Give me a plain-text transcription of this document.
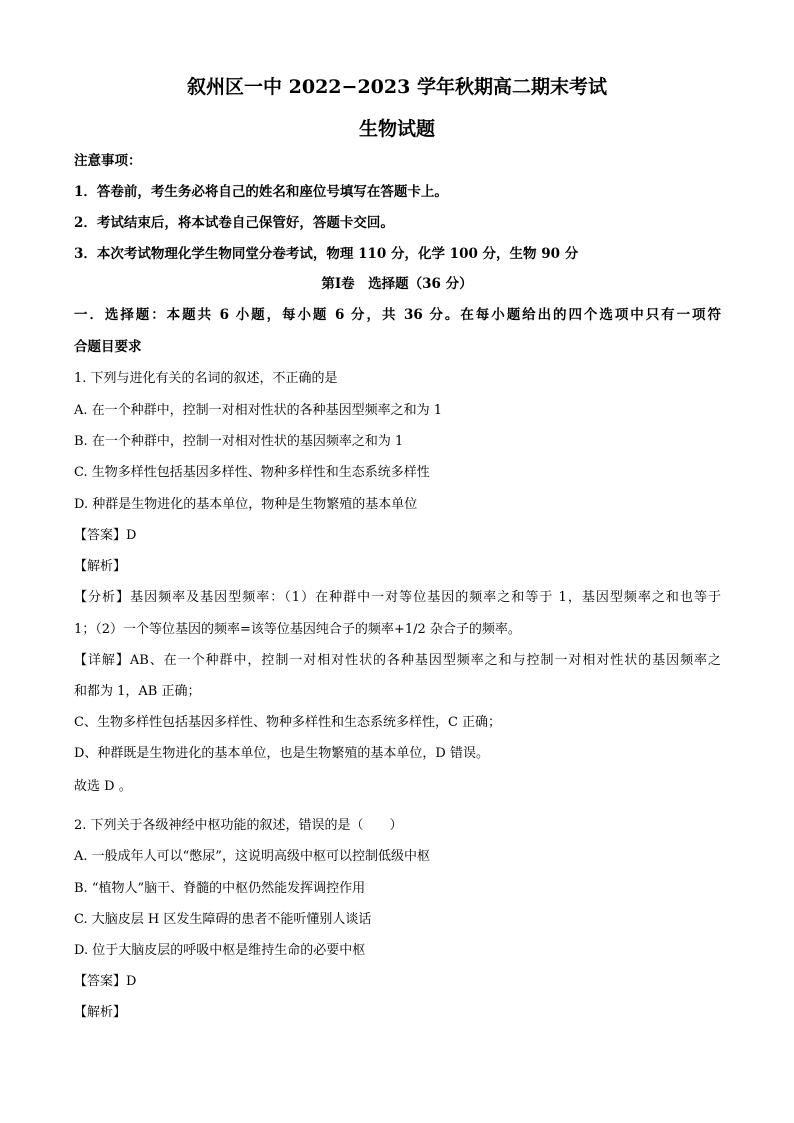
叙州区一中 2022−2023 学年秋期高二期末考试
生物试题
注意事项：
1．答卷前，考生务必将自己的姓名和座位号填写在答题卡上。
2．考试结束后，将本试卷自己保管好，答题卡交回。
3．本次考试物理化学生物同堂分卷考试，物理 110 分，化学 100 分，生物 90 分
第Ⅰ卷　选择题（36 分）
一．选择题：本题共 6 小题，每小题 6 分，共 36 分。在每小题给出的四个选项中只有一项符
合题目要求
1. 下列与进化有关的名词的叙述，不正确的是
A. 在一个种群中，控制一对相对性状的各种基因型频率之和为 1
B. 在一个种群中，控制一对相对性状的基因频率之和为 1
C. 生物多样性包括基因多样性、物种多样性和生态系统多样性
D. 种群是生物进化的基本单位，物种是生物繁殖的基本单位
【答案】D
【解析】
【分析】基因频率及基因型频率：（1）在种群中一对等位基因的频率之和等于 1，基因型频率之和也等于
1；（2）一个等位基因的频率=该等位基因纯合子的频率+1/2 杂合子的频率。
【详解】AB、在一个种群中，控制一对相对性状的各种基因型频率之和与控制一对相对性状的基因频率之
和都为 1，AB 正确；
C、生物多样性包括基因多样性、物种多样性和生态系统多样性，C 正确；
D、种群既是生物进化的基本单位，也是生物繁殖的基本单位，D 错误。
故选 D 。
2. 下列关于各级神经中枢功能的叙述，错误的是（　　）
A. 一般成年人可以“憋尿”，这说明高级中枢可以控制低级中枢
B. “植物人”脑干、脊髓的中枢仍然能发挥调控作用
C. 大脑皮层 H 区发生障碍的患者不能听懂别人谈话
D. 位于大脑皮层的呼吸中枢是维持生命的必要中枢
【答案】D
【解析】
